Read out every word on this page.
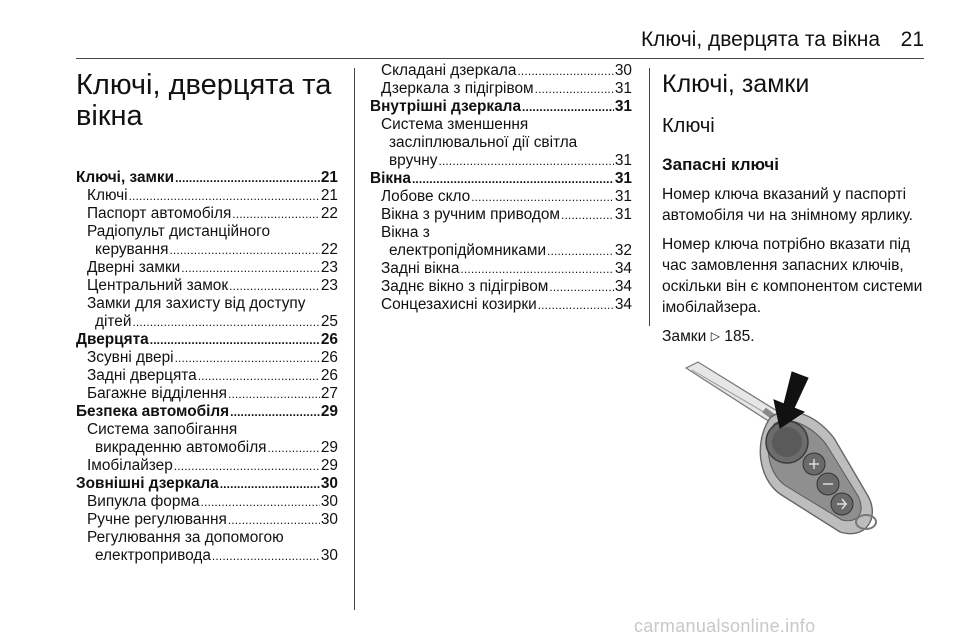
Ключі, дверцята та вікна 21
Ключі, дверцята та
вікна
Ключі, замки . . .	21
Ключі . . .	21
Паспорт автомобіля . . .	22
Радіопульт дистанційного
керування . . .	22
Дверні замки . . .	23
Центральний замок . . .	23
Замки для захисту від доступу
дітей . . .	25
Дверцята . . .	26
Зсувні двері . . .	26
Задні дверцята . . .	26
Багажне відділення . . .	27
Безпека автомобіля . . .	29
Система запобігання
викраденню автомобіля . . .	29
Імобілайзер . . .	29
Зовнішні дзеркала . . .	30
Випукла форма . . .	30
Ручне регулювання . . .	30
Регулювання за допомогою
електроприводa . . .	30
Складані дзеркала . . .	30
Дзеркала з підігрівом . . .	31
Внутрішні дзеркала . . .	31
Система зменшення
засліплювальної дії світла
вручну . . .	31
Вікна . . .	31
Лобове скло . . .	31
Вікна з ручним приводом . . .	31
Вікна з
електропідйомниками . . .	32
Задні вікна . . .	34
Заднє вікно з підігрівом . . .	34
Сонцезахисні козирки . . .	34
Ключі, замки
Ключі
Запасні ключі
Номер ключа вказаний у паспорті автомобіля чи на знімному ярлику.
Номер ключа потрібно вказати під час замовлення запасних ключів, оскільки він є компонентом системи імобілайзера.
Замки ▷ 185.
carmanualsonline.info
